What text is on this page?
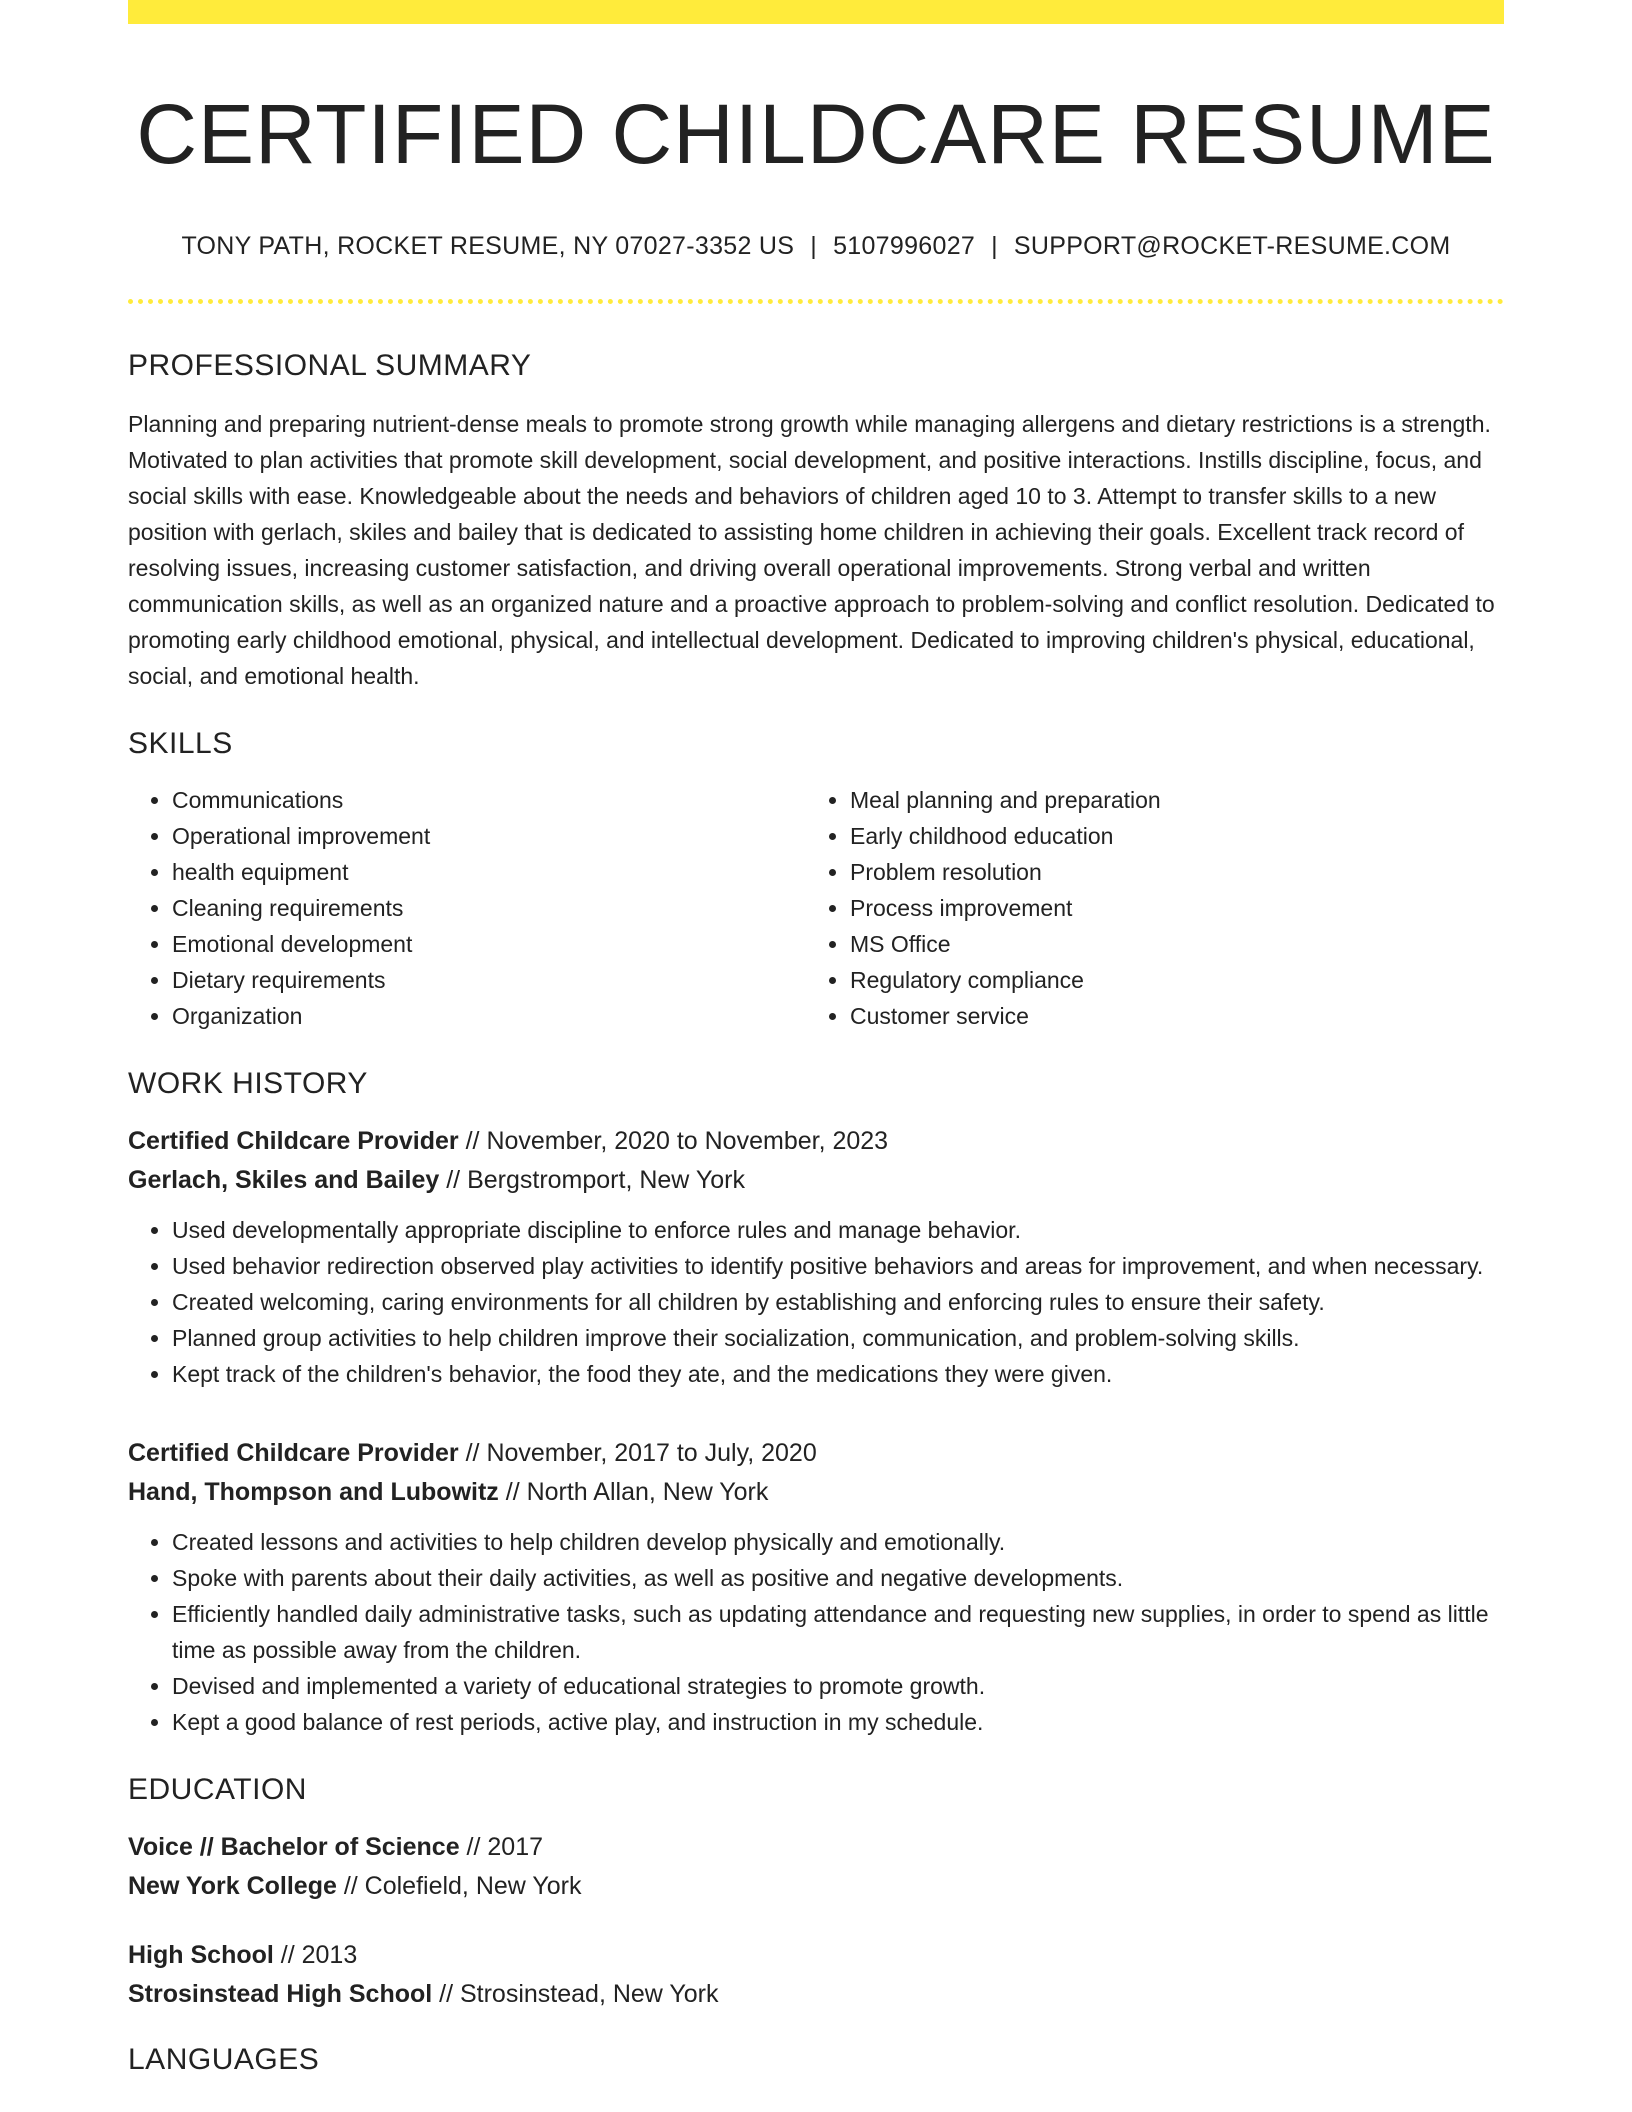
CERTIFIED CHILDCARE RESUME
TONY PATH, ROCKET RESUME, NY 07027-3352 US | 5107996027 | SUPPORT@ROCKET-RESUME.COM
PROFESSIONAL SUMMARY

Planning and preparing nutrient-dense meals to promote strong growth while managing allergens and dietary restrictions is a strength. Motivated to plan activities that promote skill development, social development, and positive interactions. Instills discipline, focus, and social skills with ease. Knowledgeable about the needs and behaviors of children aged 10 to 3. Attempt to transfer skills to a new position with gerlach, skiles and bailey that is dedicated to assisting home children in achieving their goals. Excellent track record of resolving issues, increasing customer satisfaction, and driving overall operational improvements. Strong verbal and written communication skills, as well as an organized nature and a proactive approach to problem-solving and conflict resolution. Dedicated to promoting early childhood emotional, physical, and intellectual development. Dedicated to improving children's physical, educational, social, and emotional health.

SKILLS
• Communications
• Operational improvement
• health equipment
• Cleaning requirements
• Emotional development
• Dietary requirements
• Organization
• Meal planning and preparation
• Early childhood education
• Problem resolution
• Process improvement
• MS Office
• Regulatory compliance
• Customer service
WORK HISTORY
Certified Childcare Provider // November, 2020 to November, 2023
Gerlach, Skiles and Bailey // Bergstromport, New York
• Used developmentally appropriate discipline to enforce rules and manage behavior.
• Used behavior redirection observed play activities to identify positive behaviors and areas for improvement, and when necessary.
• Created welcoming, caring environments for all children by establishing and enforcing rules to ensure their safety.
• Planned group activities to help children improve their socialization, communication, and problem-solving skills.
• Kept track of the children's behavior, the food they ate, and the medications they were given.
Certified Childcare Provider // November, 2017 to July, 2020
Hand, Thompson and Lubowitz // North Allan, New York
• Created lessons and activities to help children develop physically and emotionally.
• Spoke with parents about their daily activities, as well as positive and negative developments.
• Efficiently handled daily administrative tasks, such as updating attendance and requesting new supplies, in order to spend as little time as possible away from the children.
• Devised and implemented a variety of educational strategies to promote growth.
• Kept a good balance of rest periods, active play, and instruction in my schedule.
EDUCATION
Voice // Bachelor of Science // 2017
New York College // Colefield, New York
High School // 2013
Strosinstead High School // Strosinstead, New York
LANGUAGES
